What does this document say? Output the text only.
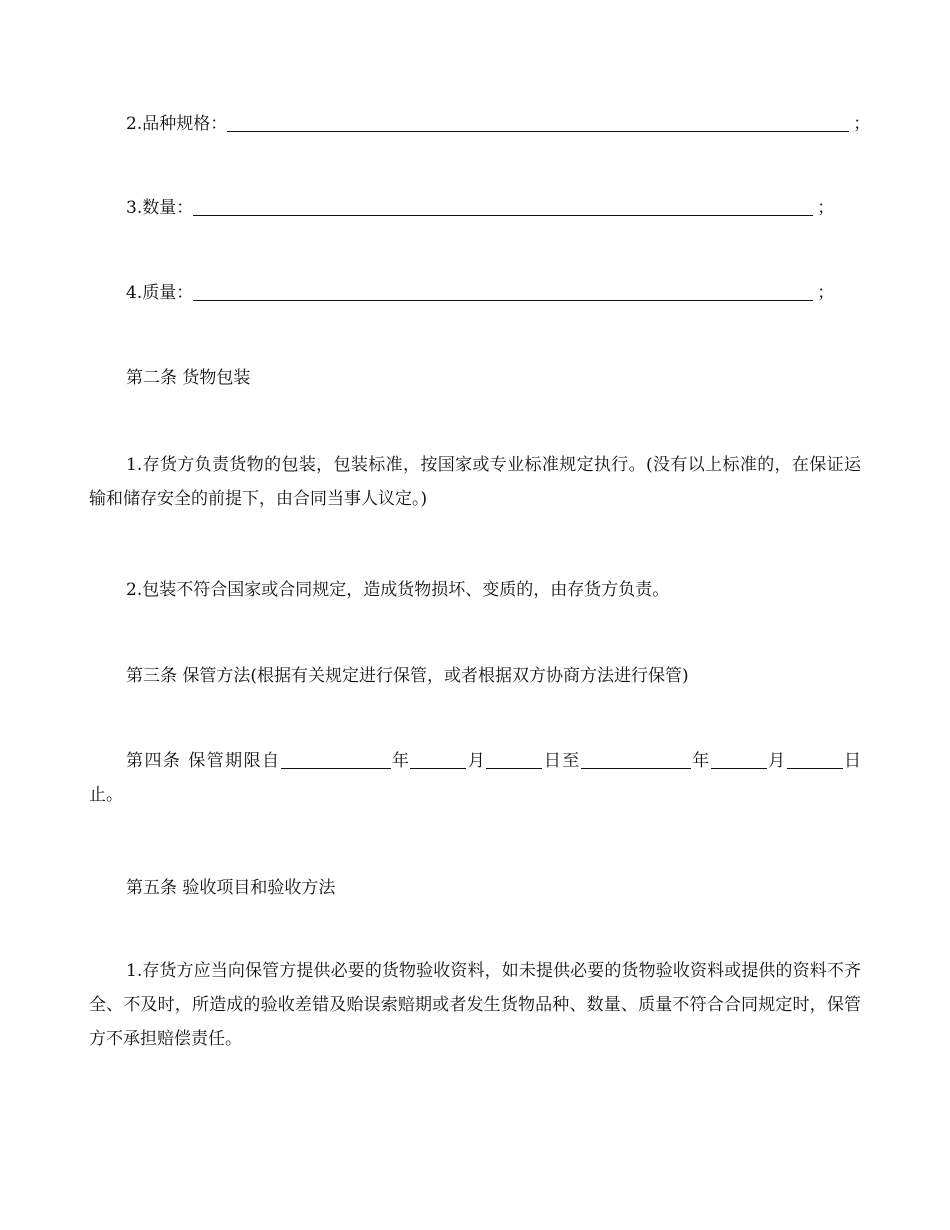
2.品种规格：	；
3.数量：	；
4.质量：	；
第二条 货物包装
1.存货方负责货物的包装，包装标准，按国家或专业标准规定执行。(没有以上标准的，在保证运输和储存安全的前提下，由合同当事人议定。)
2.包装不符合国家或合同规定，造成货物损坏、变质的，由存货方负责。
第三条 保管方法(根据有关规定进行保管，或者根据双方协商方法进行保管)
第四条 保管期限自	年	月	日至	年	月	日止。
第五条 验收项目和验收方法
1.存货方应当向保管方提供必要的货物验收资料，如未提供必要的货物验收资料或提供的资料不齐全、不及时，所造成的验收差错及贻误索赔期或者发生货物品种、数量、质量不符合合同规定时，保管方不承担赔偿责任。
